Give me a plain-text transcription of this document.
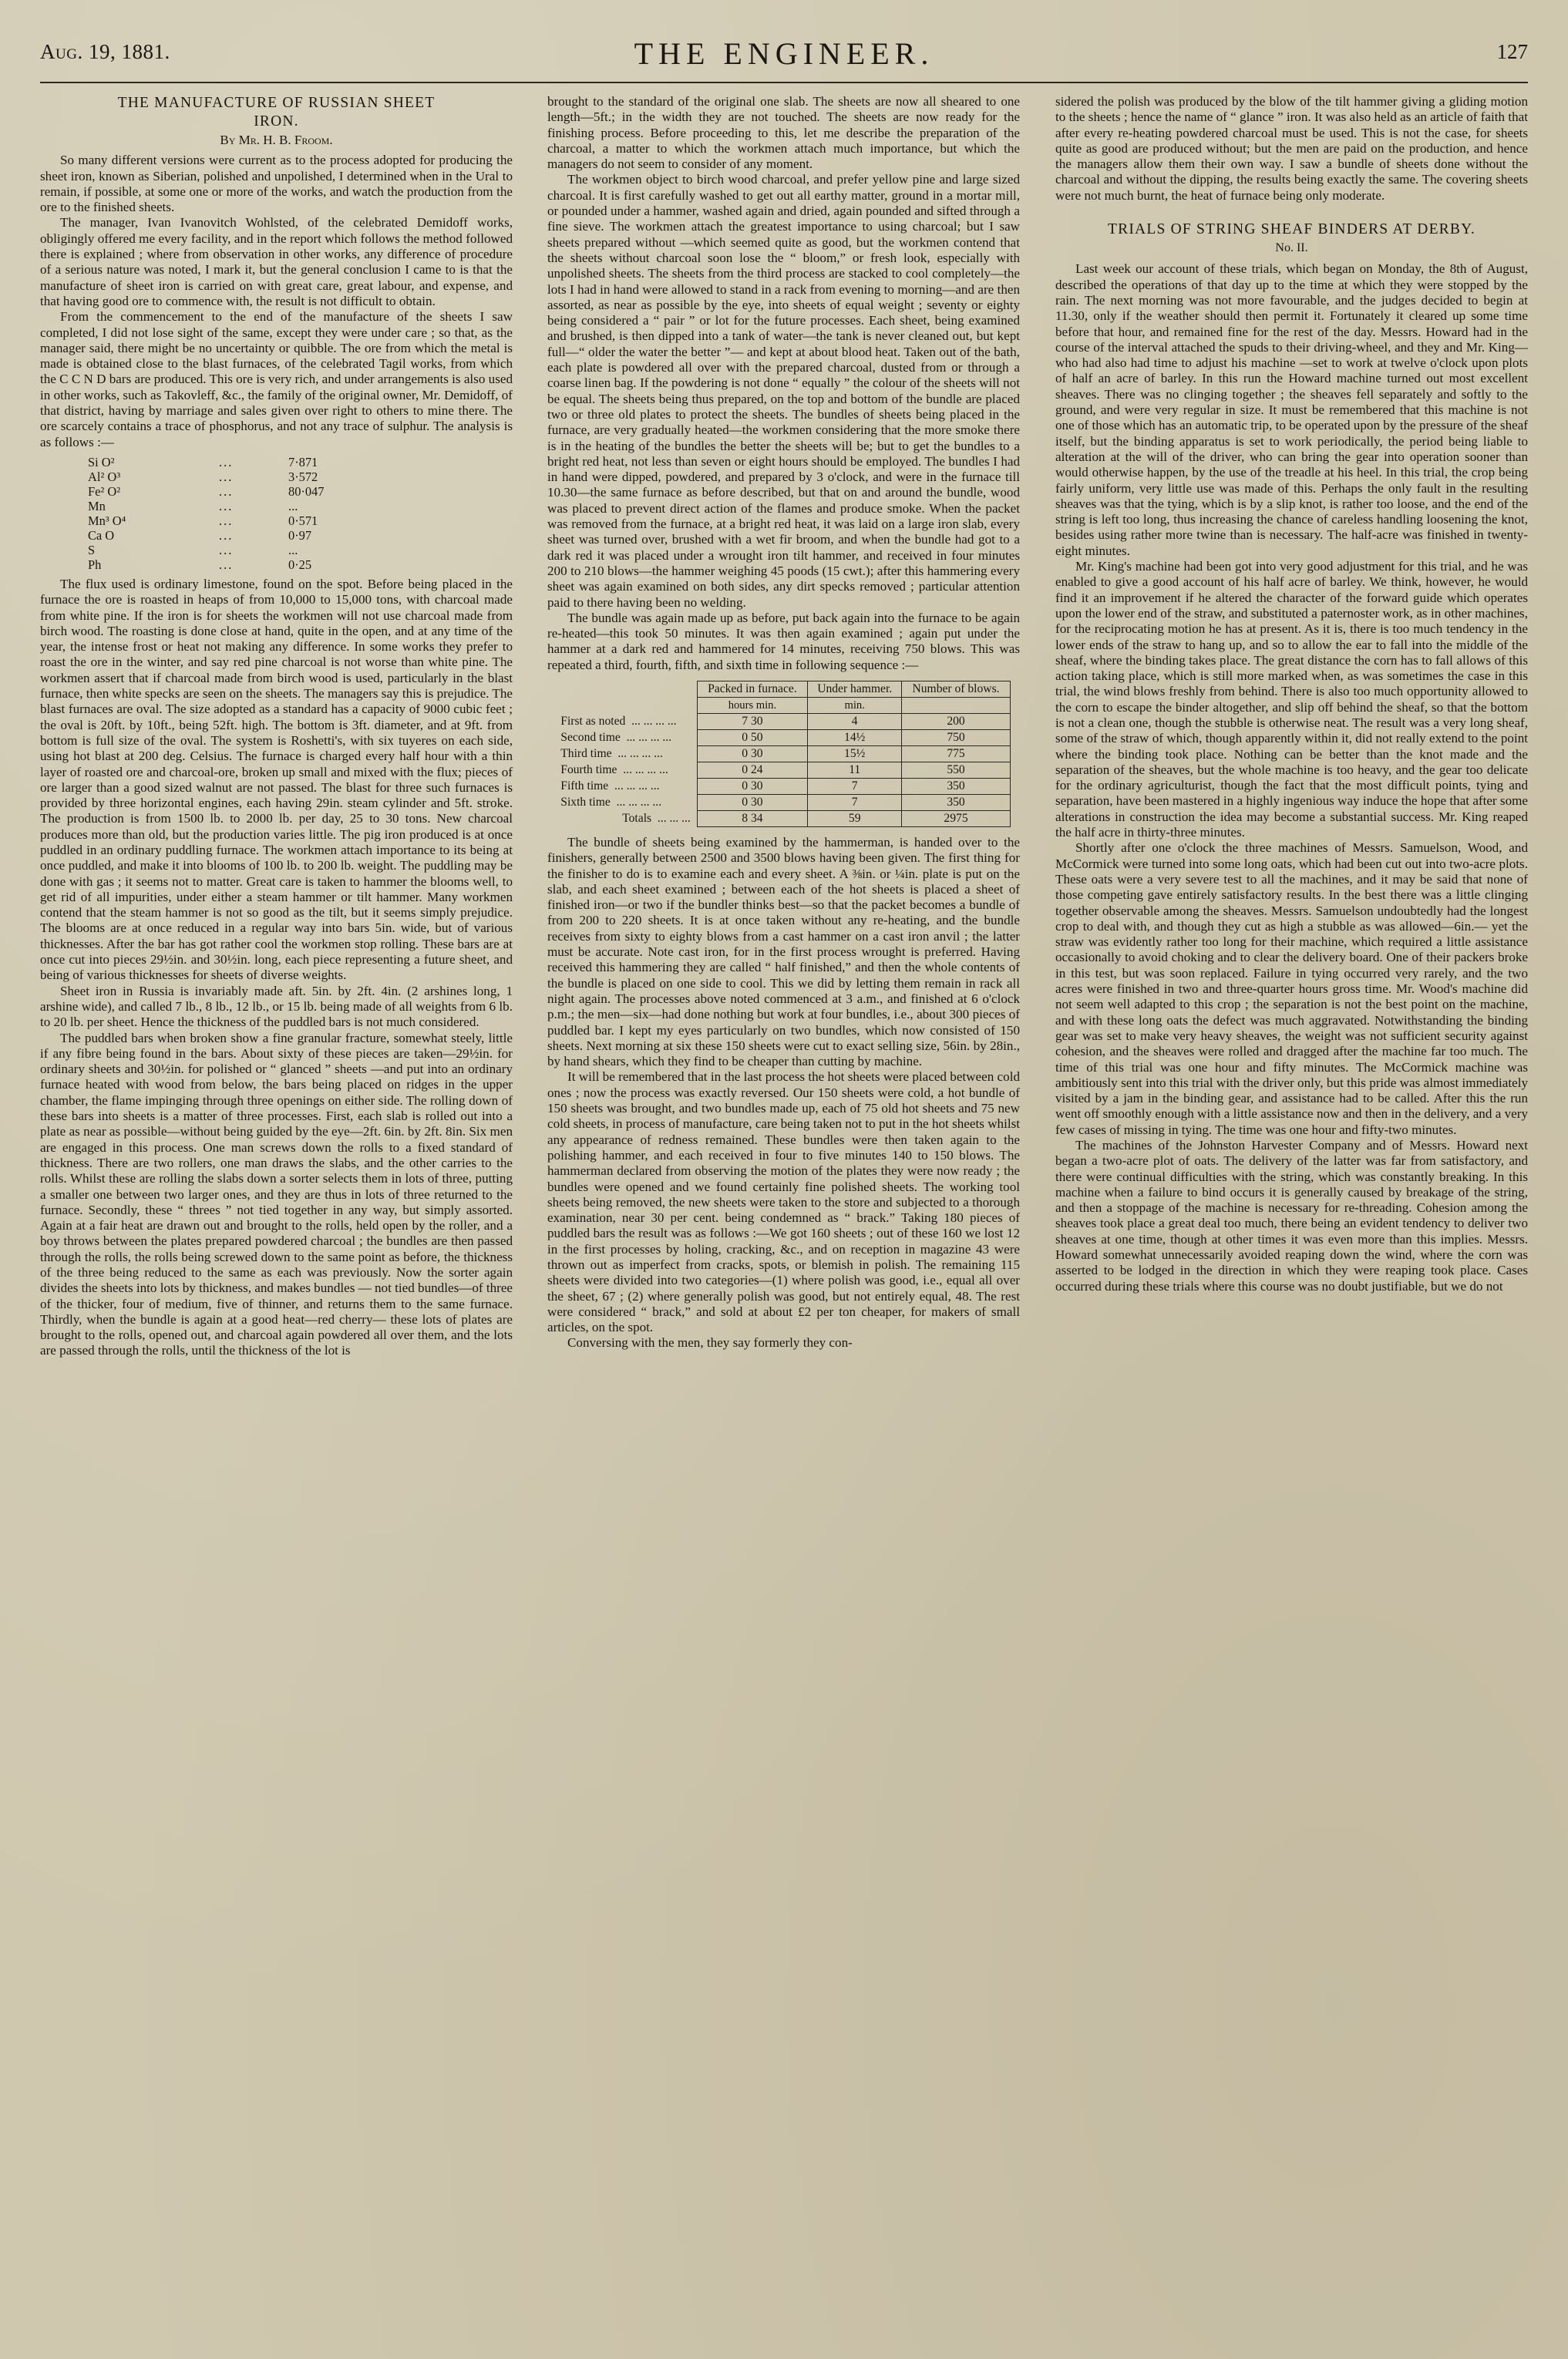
Aug. 19, 1881.	THE ENGINEER.	127
THE MANUFACTURE OF RUSSIAN SHEET
IRON.
By Mr. H. B. Froom.

So many different versions were current as to the process adopted for producing the sheet iron, known as Siberian, polished and unpolished, I determined when in the Ural to remain, if possible, at some one or more of the works, and watch the production from the ore to the finished sheets.

The manager, Ivan Ivanovitch Wohlsted, of the celebrated Demidoff works, obligingly offered me every facility, and in the report which follows the method followed there is explained ; where from observation in other works, any difference of procedure of a serious nature was noted, I mark it, but the general conclusion I came to is that the manufacture of sheet iron is carried on with great care, great labour, and expense, and that having good ore to commence with, the result is not difficult to obtain.

From the commencement to the end of the manufacture of the sheets I saw completed, I did not lose sight of the same, except they were under care ; so that, as the manager said, there might be no uncertainty or quibble. The ore from which the metal is made is obtained close to the blast furnaces, of the celebrated Tagil works, from which the C C N D bars are produced. This ore is very rich, and under arrangements is also used in other works, such as Takovleff, &c., the family of the original owner, Mr. Demidoff, of that district, having by marriage and sales given over right to others to mine there. The ore scarcely contains a trace of phosphorus, and not any trace of sulphur. The analysis is as follows :—

Si O²	...	7·871
Al² O³	...	3·572
Fe² O²	...	80·047
Mn	...	...
Mn³ O⁴	...	0·571
Ca O	...	0·97
S	...	...
Ph	...	0·25

The flux used is ordinary limestone, found on the spot. Before being placed in the furnace the ore is roasted in heaps of from 10,000 to 15,000 tons, with charcoal made from white pine. If the iron is for sheets the workmen will not use charcoal made from birch wood. The roasting is done close at hand, quite in the open, and at any time of the year, the intense frost or heat not making any difference. In some works they prefer to roast the ore in the winter, and say red pine charcoal is not worse than white pine. The workmen assert that if charcoal made from birch wood is used, particularly in the blast furnace, then white specks are seen on the sheets. The managers say this is prejudice. The blast furnaces are oval. The size adopted as a standard has a capacity of 9000 cubic feet ; the oval is 20ft. by 10ft., being 52ft. high. The bottom is 3ft. diameter, and at 9ft. from bottom is full size of the oval. The system is Roshetti's, with six tuyeres on each side, using hot blast at 200 deg. Celsius. The furnace is charged every half hour with a thin layer of roasted ore and charcoal-ore, broken up small and mixed with the flux; pieces of ore larger than a good sized walnut are not passed. The blast for three such furnaces is provided by three horizontal engines, each having 29in. steam cylinder and 5ft. stroke. The production is from 1500 lb. to 2000 lb. per day, 25 to 30 tons. New charcoal produces more than old, but the production varies little. The pig iron produced is at once puddled in an ordinary puddling furnace. The workmen attach importance to its being at once puddled, and make it into blooms of 100 lb. to 200 lb. weight. The puddling may be done with gas ; it seems not to matter. Great care is taken to hammer the blooms well, to get rid of all impurities, under either a steam hammer or tilt hammer. Many workmen contend that the steam hammer is not so good as the tilt, but it seems simply prejudice. The blooms are at once reduced in a regular way into bars 5in. wide, but of various thicknesses. After the bar has got rather cool the workmen stop rolling. These bars are at once cut into pieces 29½in. and 30½in. long, each piece representing a future sheet, and being of various thicknesses for sheets of diverse weights.

Sheet iron in Russia is invariably made aft. 5in. by 2ft. 4in. (2 arshines long, 1 arshine wide), and called 7 lb., 8 lb., 12 lb., or 15 lb. being made of all weights from 6 lb. to 20 lb. per sheet. Hence the thickness of the puddled bars is not much considered.

The puddled bars when broken show a fine granular fracture, somewhat steely, little if any fibre being found in the bars. About sixty of these pieces are taken—29½in. for ordinary sheets and 30½in. for polished or “ glanced ” sheets —and put into an ordinary furnace heated with wood from below, the bars being placed on ridges in the upper chamber, the flame impinging through three openings on either side. The rolling down of these bars into sheets is a matter of three processes. First, each slab is rolled out into a plate as near as possible—without being guided by the eye—2ft. 6in. by 2ft. 8in. Six men are engaged in this process. One man screws down the rolls to a fixed standard of thickness. There are two rollers, one man draws the slabs, and the other carries to the rolls. Whilst these are rolling the slabs down a sorter selects them in lots of three, putting a smaller one between two larger ones, and they are thus in lots of three returned to the furnace. Secondly, these “ threes ” not tied together in any way, but simply assorted. Again at a fair heat are drawn out and brought to the rolls, held open by the roller, and a boy throws between the plates prepared powdered charcoal ; the bundles are then passed through the rolls, the rolls being screwed down to the same point as before, the thickness of the three being reduced to the same as each was previously. Now the sorter again divides the sheets into lots by thickness, and makes bundles — not tied bundles—of three of the thicker, four of medium, five of thinner, and returns them to the same furnace. Thirdly, when the bundle is again at a good heat—red cherry— these lots of plates are brought to the rolls, opened out, and charcoal again powdered all over them, and the lots are passed through the rolls, until the thickness of the lot is

brought to the standard of the original one slab. The sheets are now all sheared to one length—5ft.; in the width they are not touched. The sheets are now ready for the finishing process. Before proceeding to this, let me describe the preparation of the charcoal, a matter to which the workmen attach much importance, but which the managers do not seem to consider of any moment.

The workmen object to birch wood charcoal, and prefer yellow pine and large sized charcoal. It is first carefully washed to get out all earthy matter, ground in a mortar mill, or pounded under a hammer, washed again and dried, again pounded and sifted through a fine sieve. The workmen attach the greatest importance to using charcoal; but I saw sheets prepared without —which seemed quite as good, but the workmen contend that the sheets without charcoal soon lose the “ bloom,” or fresh look, especially with unpolished sheets. The sheets from the third process are stacked to cool completely—the lots I had in hand were allowed to stand in a rack from evening to morning—and are then assorted, as near as possible by the eye, into sheets of equal weight ; seventy or eighty being considered a “ pair ” or lot for the future processes. Each sheet, being examined and brushed, is then dipped into a tank of water—the tank is never cleaned out, but kept full—“ older the water the better ”— and kept at about blood heat. Taken out of the bath, each plate is powdered all over with the prepared charcoal, dusted from or through a coarse linen bag. If the powdering is not done “ equally ” the colour of the sheets will not be equal. The sheets being thus prepared, on the top and bottom of the bundle are placed two or three old plates to protect the sheets. The bundles of sheets being placed in the furnace, are very gradually heated—the workmen considering that the more smoke there is in the heating of the bundles the better the sheets will be; but to get the bundles to a bright red heat, not less than seven or eight hours should be employed. The bundles I had in hand were dipped, powdered, and prepared by 3 o'clock, and were in the furnace till 10.30—the same furnace as before described, but that on and around the bundle, wood was placed to prevent direct action of the flames and produce smoke. When the packet was removed from the furnace, at a bright red heat, it was laid on a large iron slab, every sheet was turned over, brushed with a wet fir broom, and when the bundle had got to a dark red it was placed under a wrought iron tilt hammer, and received in four minutes 200 to 210 blows—the hammer weighing 45 poods (15 cwt.); after this hammering every sheet was again examined on both sides, any dirt specks removed ; particular attention paid to there having been no welding.

The bundle was again made up as before, put back again into the furnace to be again re-heated—this took 50 minutes. It was then again examined ; again put under the hammer at a dark red and hammered for 14 minutes, receiving 750 blows. This was repeated a third, fourth, fifth, and sixth time in following sequence :—

	Packed in furnace.	Under hammer.	Number of blows.
	hours min.	min.	
First as noted ... ... ... ...	7 30	4	200
Second time ... ... ... ...	0 50	14½	750
Third time ... ... ... ...	0 30	15½	775
Fourth time ... ... ... ...	0 24	11	550
Fifth time ... ... ... ...	0 30	7	350
Sixth time ... ... ... ...	0 30	7	350
Totals ... ... ...	8 34	59	2975

The bundle of sheets being examined by the hammerman, is handed over to the finishers, generally between 2500 and 3500 blows having been given. The first thing for the finisher to do is to examine each and every sheet. A ⅜in. or ¼in. plate is put on the slab, and each sheet examined ; between each of the hot sheets is placed a sheet of finished iron—or two if the bundler thinks best—so that the packet becomes a bundle of from 200 to 220 sheets. It is at once taken without any re-heating, and the bundle receives from sixty to eighty blows from a cast hammer on a cast iron anvil ; the latter must be accurate. Note cast iron, for in the first process wrought is preferred. Having received this hammering they are called “ half finished,” and then the whole contents of the bundle is placed on one side to cool. This we did by letting them remain in rack all night again. The processes above noted commenced at 3 a.m., and finished at 6 o'clock p.m.; the men—six—had done nothing but work at four bundles, i.e., about 300 pieces of puddled bar. I kept my eyes particularly on two bundles, which now consisted of 150 sheets. Next morning at six these 150 sheets were cut to exact selling size, 56in. by 28in., by hand shears, which they find to be cheaper than cutting by machine.

It will be remembered that in the last process the hot sheets were placed between cold ones ; now the process was exactly reversed. Our 150 sheets were cold, a hot bundle of 150 sheets was brought, and two bundles made up, each of 75 old hot sheets and 75 new cold sheets, in process of manufacture, care being taken not to put in the hot sheets whilst any appearance of redness remained. These bundles were then taken again to the polishing hammer, and each received in four to five minutes 140 to 150 blows. The hammerman declared from observing the motion of the plates they were now ready ; the bundles were opened and we found certainly fine polished sheets. The working tool sheets being removed, the new sheets were taken to the store and subjected to a thorough examination, near 30 per cent. being condemned as “ brack.” Taking 180 pieces of puddled bars the result was as follows :—We got 160 sheets ; out of these 160 we lost 12 in the first processes by holing, cracking, &c., and on reception in magazine 43 were thrown out as imperfect from cracks, spots, or blemish in polish. The remaining 115 sheets were divided into two categories—(1) where polish was good, i.e., equal all over the sheet, 67 ; (2) where generally polish was good, but not entirely equal, 48. The rest were considered “ brack,” and sold at about £2 per ton cheaper, for makers of small articles, on the spot.

Conversing with the men, they say formerly they con-

sidered the polish was produced by the blow of the tilt hammer giving a gliding motion to the sheets ; hence the name of “ glance ” iron. It was also held as an article of faith that after every re-heating powdered charcoal must be used. This is not the case, for sheets quite as good are produced without; but the men are paid on the production, and hence the managers allow them their own way. I saw a bundle of sheets done without the charcoal and without the dipping, the results being exactly the same. The covering sheets were not much burnt, the heat of furnace being only moderate.

TRIALS OF STRING SHEAF BINDERS AT DERBY.
No. II.

Last week our account of these trials, which began on Monday, the 8th of August, described the operations of that day up to the time at which they were stopped by the rain. The next morning was not more favourable, and the judges decided to begin at 11.30, only if the weather should then permit it. Fortunately it cleared up some time before that hour, and remained fine for the rest of the day. Messrs. Howard had in the course of the interval attached the spuds to their driving-wheel, and they and Mr. King—who had also had time to adjust his machine —set to work at twelve o'clock upon plots of half an acre of barley. In this run the Howard machine turned out most excellent sheaves. There was no clinging together ; the sheaves fell separately and softly to the ground, and were very regular in size. It must be remembered that this machine is not one of those which has an automatic trip, to be operated upon by the pressure of the sheaf itself, but the binding apparatus is set to work periodically, the period being liable to alteration at the will of the driver, who can bring the gear into operation sooner than would otherwise happen, by the use of the treadle at his heel. In this trial, the crop being fairly uniform, very little use was made of this. Perhaps the only fault in the resulting sheaves was that the tying, which is by a slip knot, is rather too loose, and the end of the string is left too long, thus increasing the chance of careless handling loosening the knot, besides using rather more twine than is necessary. The half-acre was finished in twenty-eight minutes.

Mr. King's machine had been got into very good adjustment for this trial, and he was enabled to give a good account of his half acre of barley. We think, however, he would find it an improvement if he altered the character of the forward guide which operates upon the lower end of the straw, and substituted a paternoster work, as in other machines, for the reciprocating motion he has at present. As it is, there is too much tendency in the lower ends of the straw to hang up, and so to allow the ear to fall into the middle of the sheaf, where the binding takes place. The great distance the corn has to fall allows of this action taking place, which is still more marked when, as was sometimes the case in this trial, the wind blows freshly from behind. There is also too much opportunity allowed to the corn to escape the binder altogether, and slip off behind the sheaf, so that the bottom is not a clean one, though the stubble is otherwise neat. The result was a very long sheaf, some of the straw of which, though apparently within it, did not really extend to the point where the binding took place. Nothing can be better than the knot made and the separation of the sheaves, but the whole machine is too heavy, and the gear too delicate for the ordinary agriculturist, though the fact that the most difficult points, tying and separation, have been mastered in a highly ingenious way induce the hope that after some alterations in construction the idea may become a substantial success. Mr. King reaped the half acre in thirty-three minutes.

Shortly after one o'clock the three machines of Messrs. Samuelson, Wood, and McCormick were turned into some long oats, which had been cut out into two-acre plots. These oats were a very severe test to all the machines, and it may be said that none of those competing gave entirely satisfactory results. In the best there was a little clinging together observable among the sheaves. Messrs. Samuelson undoubtedly had the longest crop to deal with, and though they cut as high a stubble as was allowed—6in.— yet the straw was evidently rather too long for their machine, which required a little assistance occasionally to avoid choking and to clear the delivery board. One of their packers broke in this test, but was soon replaced. Failure in tying occurred very rarely, and the two acres were finished in two and three-quarter hours gross time. Mr. Wood's machine did not seem well adapted to this crop ; the separation is not the best point on the machine, and with these long oats the defect was much aggravated. Notwithstanding the binding gear was set to make very heavy sheaves, the weight was not sufficient security against cohesion, and the sheaves were rolled and dragged after the machine far too much. The time of this trial was one hour and fifty minutes. The McCormick machine was ambitiously sent into this trial with the driver only, but this pride was almost immediately visited by a jam in the binding gear, and assistance had to be called. After this the run went off smoothly enough with a little assistance now and then in the delivery, and a very few cases of missing in tying. The time was one hour and fifty-two minutes.

The machines of the Johnston Harvester Company and of Messrs. Howard next began a two-acre plot of oats. The delivery of the latter was far from satisfactory, and there were continual difficulties with the string, which was constantly breaking. In this machine when a failure to bind occurs it is generally caused by breakage of the string, and then a stoppage of the machine is necessary for re-threading. Cohesion among the sheaves took place a great deal too much, there being an evident tendency to deliver two sheaves at one time, though at other times it was even more than this implies. Messrs. Howard somewhat unnecessarily avoided reaping down the wind, where the corn was asserted to be lodged in the direction in which they were reaping took place. Cases occurred during these trials where this course was no doubt justifiable, but we do not
